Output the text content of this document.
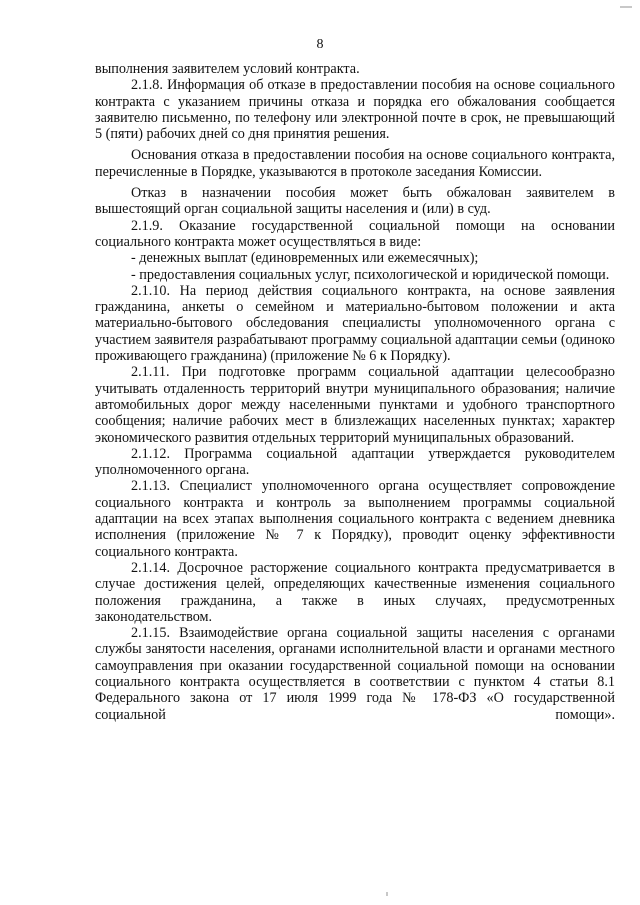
8

выполнения заявителем условий контракта.

2.1.8. Информация об отказе в предоставлении пособия на основе социального контракта с указанием причины отказа и порядка его обжалования сообщается заявителю письменно, по телефону или электронной почте в срок, не превышающий 5 (пяти) рабочих дней со дня принятия решения.

Основания отказа в предоставлении пособия на основе социального контракта, перечисленные в Порядке, указываются в протоколе заседания Комиссии.

Отказ в назначении пособия может быть обжалован заявителем в вышестоящий орган социальной защиты населения и (или) в суд.

2.1.9. Оказание государственной социальной помощи на основании социального контракта может осуществляться в виде:

- денежных выплат (единовременных или ежемесячных);

- предоставления социальных услуг, психологической и юридической помощи.

2.1.10. На период действия социального контракта, на основе заявления гражданина, анкеты о семейном и материально-бытовом положении и акта материально-бытового обследования специалисты уполномоченного органа с участием заявителя разрабатывают программу социальной адаптации семьи (одиноко проживающего гражданина) (приложение № 6 к Порядку).

2.1.11. При подготовке программ социальной адаптации целесообразно учитывать отдаленность территорий внутри муниципального образования; наличие автомобильных дорог между населенными пунктами и удобного транспортного сообщения; наличие рабочих мест в близлежащих населенных пунктах; характер экономического развития отдельных территорий муниципальных образований.

2.1.12. Программа социальной адаптации утверждается руководителем уполномоченного органа.

2.1.13. Специалист уполномоченного органа осуществляет сопровождение социального контракта и контроль за выполнением программы социальной адаптации на всех этапах выполнения социального контракта с ведением дневника исполнения (приложение № 7 к Порядку), проводит оценку эффективности социального контракта.

2.1.14. Досрочное расторжение социального контракта предусматривается в случае достижения целей, определяющих качественные изменения социального положения гражданина, а также в иных случаях, предусмотренных законодательством.

2.1.15. Взаимодействие органа социальной защиты населения с органами службы занятости населения, органами исполнительной власти и органами местного самоуправления при оказании государственной социальной помощи на основании социального контракта осуществляется в соответствии с пунктом 4 статьи 8.1 Федерального закона от 17 июля 1999 года № 178-ФЗ «О государственной социальной помощи».
